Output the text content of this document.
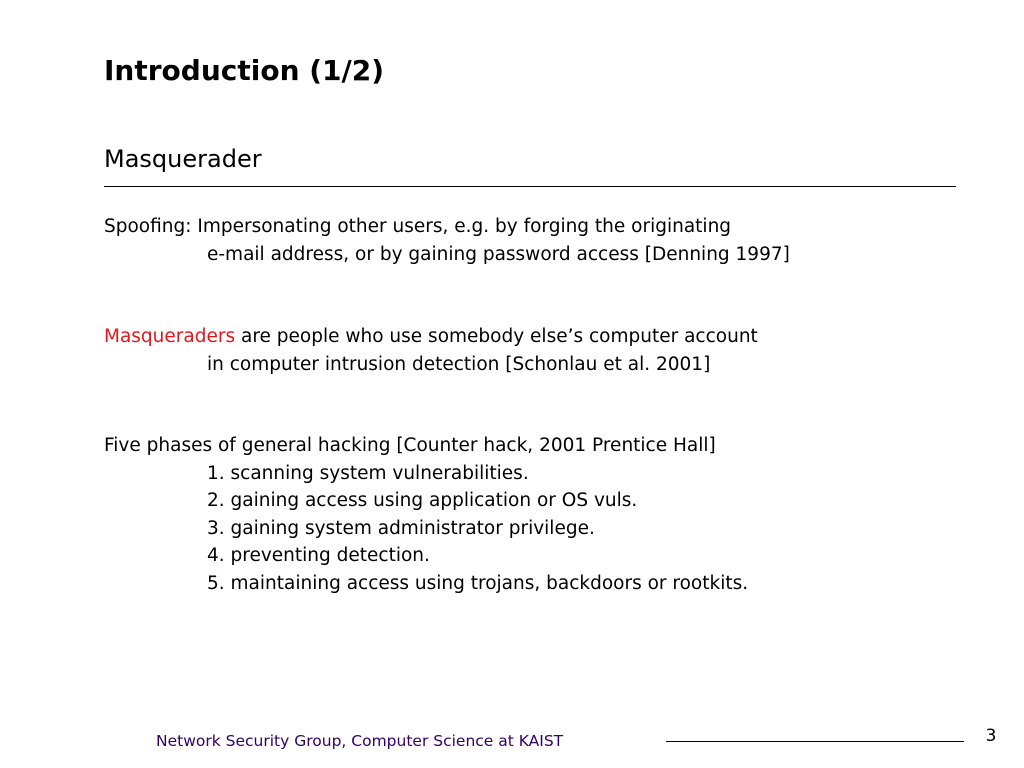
Introduction (1/2)
Masquerader

Spoofing: Impersonating other users, e.g. by forging the originating
e-mail address, or by gaining password access [Denning 1997]

Masqueraders are people who use somebody else’s computer account
in computer intrusion detection [Schonlau et al. 2001]

Five phases of general hacking [Counter hack, 2001 Prentice Hall]
1. scanning system vulnerabilities.
2. gaining access using application or OS vuls.
3. gaining system administrator privilege.
4. preventing detection.
5. maintaining access using trojans, backdoors or rootkits.
Network Security Group, Computer Science at KAIST	3
